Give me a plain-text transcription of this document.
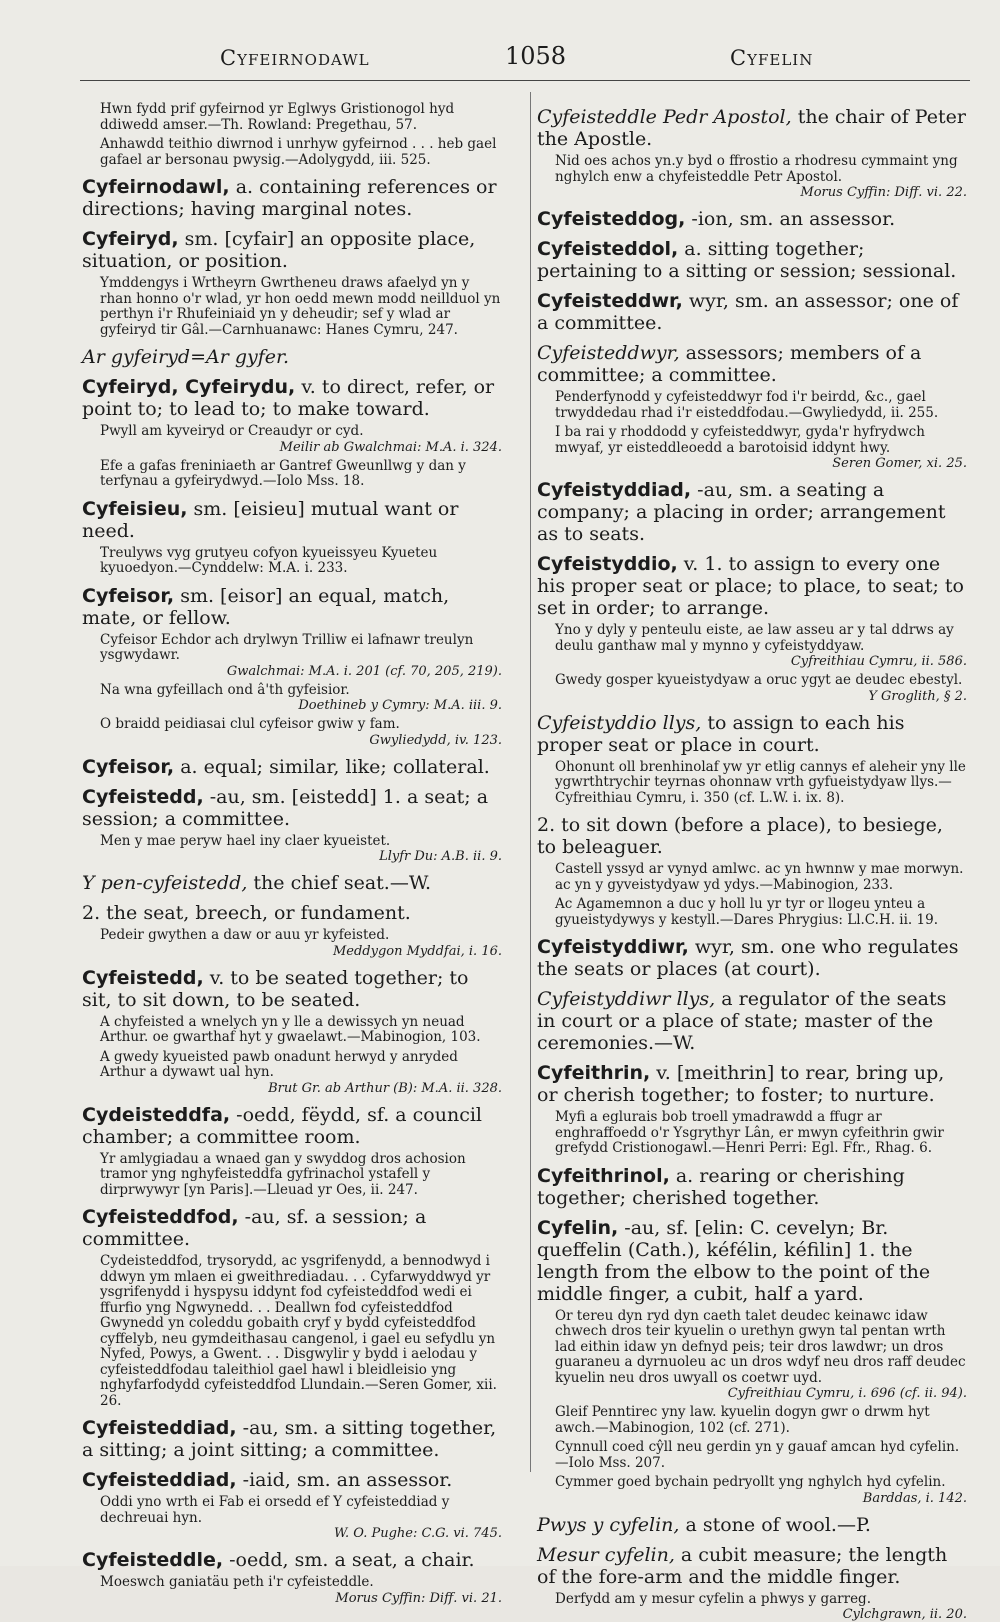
Cyfeirnodawl	1058	Cyfelin
Hwn fydd prif gyfeirnod yr Eglwys Gristionogol hyd ddiwedd amser.—Th. Rowland: Pregethau, 57.
Anhawdd teithio diwrnod i unrhyw gyfeirnod . . . heb gael gafael ar bersonau pwysig.—Adolygydd, iii. 525.
Cyfeirnodawl, a. containing references or directions; having marginal notes.
Cyfeiryd, sm. [cyfair] an opposite place, situation, or position.
Ymddengys i Wrtheyrn Gwrtheneu draws afaelyd yn y rhan honno o'r wlad, yr hon oedd mewn modd neillduol yn perthyn i'r Rhufeiniaid yn y deheudir; sef y wlad ar gyfeiryd tir Gâl.—Carnhuanawc: Hanes Cymru, 247.
Ar gyfeiryd=Ar gyfer.
Cyfeiryd, Cyfeirydu, v. to direct, refer, or point to; to lead to; to make toward.
Pwyll am kyveiryd or Creaudyr or cyd.
Meilir ab Gwalchmai: M.A. i. 324.
Efe a gafas freniniaeth ar Gantref Gweunllwg y dan y terfynau a gyfeirydwyd.—Iolo Mss. 18.
Cyfeisieu, sm. [eisieu] mutual want or need.
Treulyws vyg grutyeu cofyon kyueissyeu Kyueteu kyuoedyon.—Cynddelw: M.A. i. 233.
Cyfeisor, sm. [eisor] an equal, match, mate, or fellow.
Cyfeisor Echdor ach drylwyn Trilliw ei lafnawr treulyn ysgwydawr.
Gwalchmai: M.A. i. 201 (cf. 70, 205, 219).
Na wna gyfeillach ond â'th gyfeisior.
Doethineb y Cymry: M.A. iii. 9.
O braidd peidiasai clul cyfeisor gwiw y fam.
Gwyliedydd, iv. 123.
Cyfeisor, a. equal; similar, like; collateral.
Cyfeistedd, -au, sm. [eistedd] 1. a seat; a session; a committee.
Men y mae peryw hael iny claer kyueistet.
Llyfr Du: A.B. ii. 9.
Y pen-cyfeistedd, the chief seat.—W.
2. the seat, breech, or fundament.
Pedeir gwythen a daw or auu yr kyfeisted.
Meddygon Myddfai, i. 16.
Cyfeistedd, v. to be seated together; to sit, to sit down, to be seated.
A chyfeisted a wnelych yn y lle a dewissych yn neuad Arthur. oe gwarthaf hyt y gwaelawt.—Mabinogion, 103.
A gwedy kyueisted pawb onadunt herwyd y anryded Arthur a dywawt ual hyn.
Brut Gr. ab Arthur (B): M.A. ii. 328.
Cydeisteddfa, -oedd, fëydd, sf. a council chamber; a committee room.
Yr amlygiadau a wnaed gan y swyddog dros achosion tramor yng nghyfeisteddfa gyfrinachol ystafell y dirprwywyr [yn Paris].—Lleuad yr Oes, ii. 247.
Cyfeisteddfod, -au, sf. a session; a committee.
Cydeisteddfod, trysorydd, ac ysgrifenydd, a bennodwyd i ddwyn ym mlaen ei gweithrediadau. . . Cyfarwyddwyd yr ysgrifenydd i hyspysu iddynt fod cyfeisteddfod wedi ei ffurfio yng Ngwynedd. . . Deallwn fod cyfeisteddfod Gwynedd yn coleddu gobaith cryf y bydd cyfeisteddfod cyffelyb, neu gymdeithasau cangenol, i gael eu sefydlu yn Nyfed, Powys, a Gwent. . . Disgwylir y bydd i aelodau y cyfeisteddfodau taleithiol gael hawl i bleidleisio yng nghyfarfodydd cyfeisteddfod Llundain.—Seren Gomer, xii. 26.
Cyfeisteddiad, -au, sm. a sitting together, a sitting; a joint sitting; a committee.
Cyfeisteddiad, -iaid, sm. an assessor.
Oddi yno wrth ei Fab ei orsedd ef Y cyfeisteddiad y dechreuai hyn.
W. O. Pughe: C.G. vi. 745.
Cyfeisteddle, -oedd, sm. a seat, a chair.
Moeswch ganiatäu peth i'r cyfeisteddle.
Morus Cyffin: Diff. vi. 21.
Cyfeisteddle Pedr Apostol, the chair of Peter the Apostle.
Nid oes achos yn.y byd o ffrostio a rhodresu cymmaint yng nghylch enw a chyfeisteddle Petr Apostol.
Morus Cyffin: Diff. vi. 22.
Cyfeisteddog, -ion, sm. an assessor.
Cyfeisteddol, a. sitting together; pertaining to a sitting or session; sessional.
Cyfeisteddwr, wyr, sm. an assessor; one of a committee.
Cyfeisteddwyr, assessors; members of a committee; a committee.
Penderfynodd y cyfeisteddwyr fod i'r beirdd, &c., gael trwyddedau rhad i'r eisteddfodau.—Gwyliedydd, ii. 255.
I ba rai y rhoddodd y cyfeisteddwyr, gyda'r hyfrydwch mwyaf, yr eisteddleoedd a barotoisid iddynt hwy.
Seren Gomer, xi. 25.
Cyfeistyddiad, -au, sm. a seating a company; a placing in order; arrangement as to seats.
Cyfeistyddio, v. 1. to assign to every one his proper seat or place; to place, to seat; to set in order; to arrange.
Yno y dyly y penteulu eiste, ae law asseu ar y tal ddrws ay deulu ganthaw mal y mynno y cyfeistyddyaw.
Cyfreithiau Cymru, ii. 586.
Gwedy gosper kyueistydyaw a oruc ygyt ae deudec ebestyl.
Y Groglith, § 2.
Cyfeistyddio llys, to assign to each his proper seat or place in court.
Ohonunt oll brenhinolaf yw yr etlig cannys ef aleheir yny lle ygwrthtrychir teyrnas ohonnaw vrth gyfueistydyaw llys.—Cyfreithiau Cymru, i. 350 (cf. L.W. i. ix. 8).
2. to sit down (before a place), to besiege, to beleaguer.
Castell yssyd ar vynyd amlwc. ac yn hwnnw y mae morwyn. ac yn y gyveistydyaw yd ydys.—Mabinogion, 233.
Ac Agamemnon a duc y holl lu yr tyr or llogeu ynteu a gyueistydywys y kestyll.—Dares Phrygius: Ll.C.H. ii. 19.
Cyfeistyddiwr, wyr, sm. one who regulates the seats or places (at court).
Cyfeistyddiwr llys, a regulator of the seats in court or a place of state; master of the ceremonies.—W.
Cyfeithrin, v. [meithrin] to rear, bring up, or cherish together; to foster; to nurture.
Myfi a eglurais bob troell ymadrawdd a ffugr ar enghraffoedd o'r Ysgrythyr Lân, er mwyn cyfeithrin gwir grefydd Cristionogawl.—Henri Perri: Egl. Ffr., Rhag. 6.
Cyfeithrinol, a. rearing or cherishing together; cherished together.
Cyfelin, -au, sf. [elin: C. cevelyn; Br. queffelin (Cath.), kéfélin, kéfilin] 1. the length from the elbow to the point of the middle finger, a cubit, half a yard.
Or tereu dyn ryd dyn caeth talet deudec keinawc idaw chwech dros teir kyuelin o urethyn gwyn tal pentan wrth lad eithin idaw yn defnyd peis; teir dros lawdwr; un dros guaraneu a dyrnuoleu ac un dros wdyf neu dros raff deudec kyuelin neu dros uwyall os coetwr uyd.
Cyfreithiau Cymru, i. 696 (cf. ii. 94).
Gleif Penntirec yny law. kyuelin dogyn gwr o drwm hyt awch.—Mabinogion, 102 (cf. 271).
Cynnull coed cŷll neu gerdin yn y gauaf amcan hyd cyfelin.—Iolo Mss. 207.
Cymmer goed bychain pedryollt yng nghylch hyd cyfelin.
Barddas, i. 142.
Pwys y cyfelin, a stone of wool.—P.
Mesur cyfelin, a cubit measure; the length of the fore-arm and the middle finger.
Derfydd am y mesur cyfelin a phwys y garreg.
Cylchgrawn, ii. 20.
